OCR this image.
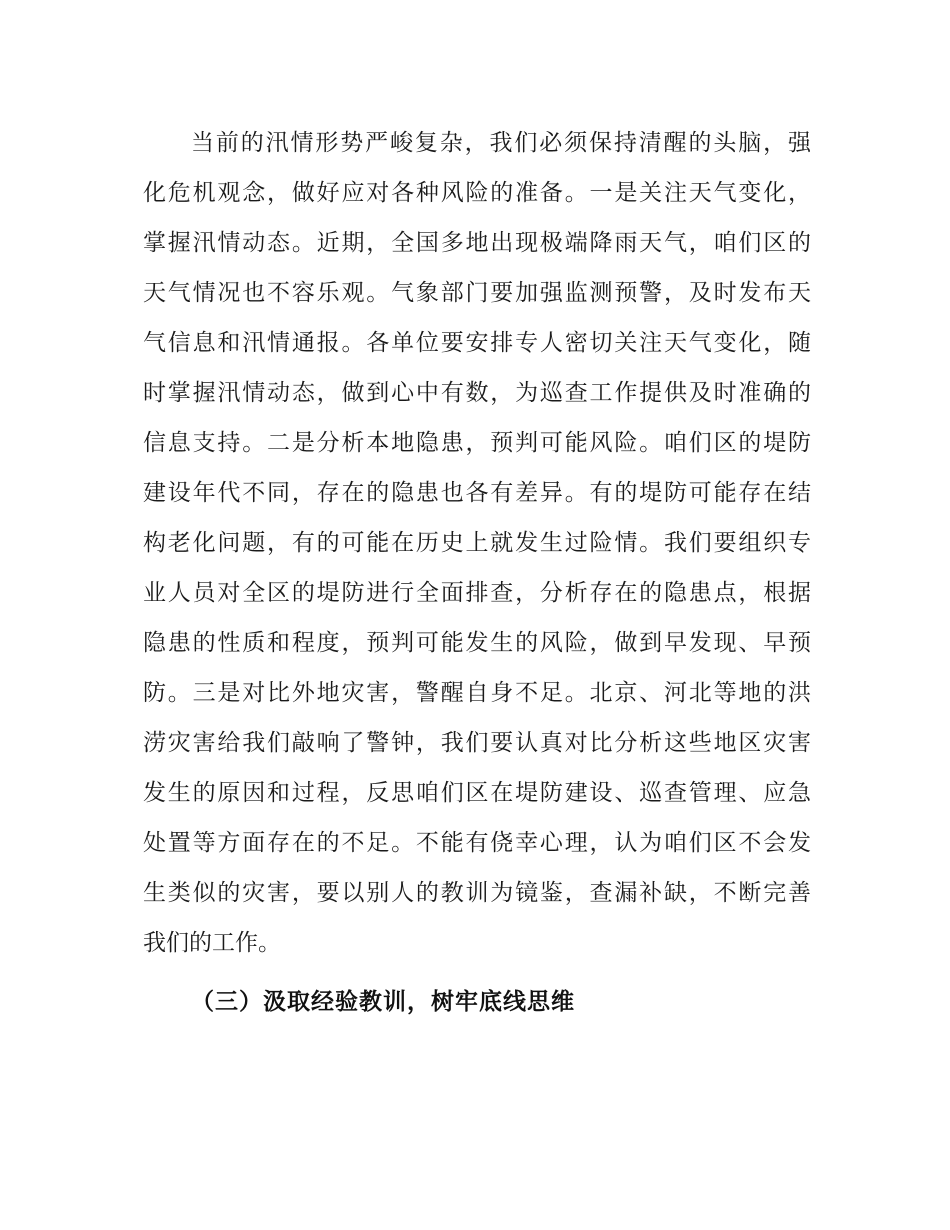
当前的汛情形势严峻复杂，我们必须保持清醒的头脑，强
化危机观念，做好应对各种风险的准备。一是关注天气变化，
掌握汛情动态。近期，全国多地出现极端降雨天气，咱们区的
天气情况也不容乐观。气象部门要加强监测预警，及时发布天
气信息和汛情通报。各单位要安排专人密切关注天气变化，随
时掌握汛情动态，做到心中有数，为巡查工作提供及时准确的
信息支持。二是分析本地隐患，预判可能风险。咱们区的堤防
建设年代不同，存在的隐患也各有差异。有的堤防可能存在结
构老化问题，有的可能在历史上就发生过险情。我们要组织专
业人员对全区的堤防进行全面排查，分析存在的隐患点，根据
隐患的性质和程度，预判可能发生的风险，做到早发现、早预
防。三是对比外地灾害，警醒自身不足。北京、河北等地的洪
涝灾害给我们敲响了警钟，我们要认真对比分析这些地区灾害
发生的原因和过程，反思咱们区在堤防建设、巡查管理、应急
处置等方面存在的不足。不能有侥幸心理，认为咱们区不会发
生类似的灾害，要以别人的教训为镜鉴，查漏补缺，不断完善
我们的工作。
（三）汲取经验教训，树牢底线思维
